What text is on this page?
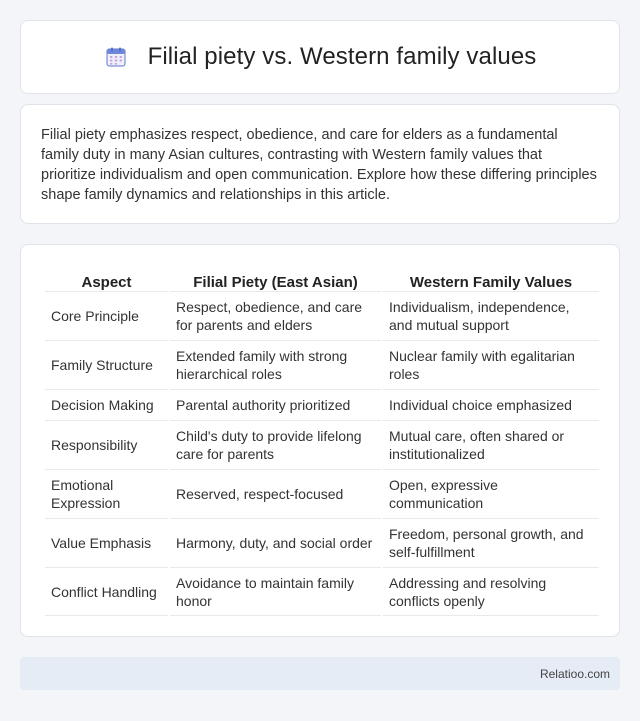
Filial piety vs. Western family values

Filial piety emphasizes respect, obedience, and care for elders as a fundamental family duty in many Asian cultures, contrasting with Western family values that prioritize individualism and open communication. Explore how these differing principles shape family dynamics and relationships in this article.

Aspect	Filial Piety (East Asian)	Western Family Values
Core Principle	Respect, obedience, and care for parents and elders	Individualism, independence, and mutual support
Family Structure	Extended family with strong hierarchical roles	Nuclear family with egalitarian roles
Decision Making	Parental authority prioritized	Individual choice emphasized
Responsibility	Child's duty to provide lifelong care for parents	Mutual care, often shared or institutionalized
Emotional Expression	Reserved, respect-focused	Open, expressive communication
Value Emphasis	Harmony, duty, and social order	Freedom, personal growth, and self-fulfillment
Conflict Handling	Avoidance to maintain family honor	Addressing and resolving conflicts openly
Relatioo.com
